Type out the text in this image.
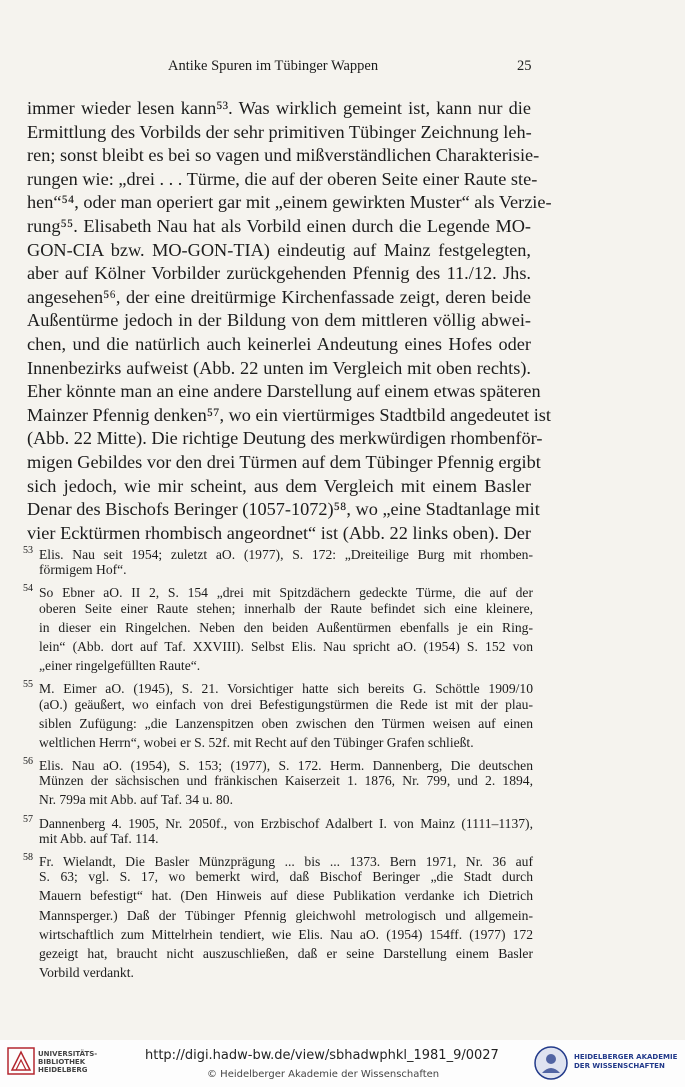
Antike Spuren im Tübinger Wappen	25
immer wieder lesen kann⁵³. Was wirklich gemeint ist, kann nur die
Ermittlung des Vorbilds der sehr primitiven Tübinger Zeichnung leh-
ren; sonst bleibt es bei so vagen und mißverständlichen Charakterisie-
rungen wie: „drei . . . Türme, die auf der oberen Seite einer Raute ste-
hen“⁵⁴, oder man operiert gar mit „einem gewirkten Muster“ als Verzie-
rung⁵⁵. Elisabeth Nau hat als Vorbild einen durch die Legende MO-
GON-CIA bzw. MO-GON-TIA) eindeutig auf Mainz festgelegten,
aber auf Kölner Vorbilder zurückgehenden Pfennig des 11./12. Jhs.
angesehen⁵⁶, der eine dreitürmige Kirchenfassade zeigt, deren beide
Außentürme jedoch in der Bildung von dem mittleren völlig abwei-
chen, und die natürlich auch keinerlei Andeutung eines Hofes oder
Innenbezirks aufweist (Abb. 22 unten im Vergleich mit oben rechts).
Eher könnte man an eine andere Darstellung auf einem etwas späteren
Mainzer Pfennig denken⁵⁷, wo ein viertürmiges Stadtbild angedeutet ist
(Abb. 22 Mitte). Die richtige Deutung des merkwürdigen rhombenför-
migen Gebildes vor den drei Türmen auf dem Tübinger Pfennig ergibt
sich jedoch, wie mir scheint, aus dem Vergleich mit einem Basler
Denar des Bischofs Beringer (1057-1072)⁵⁸, wo „eine Stadtanlage mit
vier Ecktürmen rhombisch angeordnet“ ist (Abb. 22 links oben). Der
$^{53}$ Elis. Nau seit 1954; zuletzt aO. (1977), S. 172: „Dreiteilige Burg mit rhomben-
förmigem Hof“.
$^{54}$ So Ebner aO. II 2, S. 154 „drei mit Spitzdächern gedeckte Türme, die auf der
oberen Seite einer Raute stehen; innerhalb der Raute befindet sich eine kleinere,
in dieser ein Ringelchen. Neben den beiden Außentürmen ebenfalls je ein Ring-
lein“ (Abb. dort auf Taf. XXVIII). Selbst Elis. Nau spricht aO. (1954) S. 152 von
„einer ringelgefüllten Raute“.
$^{55}$ M. Eimer aO. (1945), S. 21. Vorsichtiger hatte sich bereits G. Schöttle 1909/10
(aO.) geäußert, wo einfach von drei Befestigungstürmen die Rede ist mit der plau-
siblen Zufügung: „die Lanzenspitzen oben zwischen den Türmen weisen auf einen
weltlichen Herrn“, wobei er S. 52f. mit Recht auf den Tübinger Grafen schließt.
$^{56}$ Elis. Nau aO. (1954), S. 153; (1977), S. 172. Herm. Dannenberg, Die deutschen
Münzen der sächsischen und fränkischen Kaiserzeit 1. 1876, Nr. 799, und 2. 1894,
Nr. 799a mit Abb. auf Taf. 34 u. 80.
$^{57}$ Dannenberg 4. 1905, Nr. 2050f., von Erzbischof Adalbert I. von Mainz (1111–1137),
mit Abb. auf Taf. 114.
$^{58}$ Fr. Wielandt, Die Basler Münzprägung ... bis ... 1373. Bern 1971, Nr. 36 auf
S. 63; vgl. S. 17, wo bemerkt wird, daß Bischof Beringer „die Stadt durch
Mauern befestigt“ hat. (Den Hinweis auf diese Publikation verdanke ich Dietrich
Mannsperger.) Daß der Tübinger Pfennig gleichwohl metrologisch und allgemein-
wirtschaftlich zum Mittelrhein tendiert, wie Elis. Nau aO. (1954) 154ff. (1977) 172
gezeigt hat, braucht nicht auszuschließen, daß er seine Darstellung einem Basler
Vorbild verdankt.
UNIVERSITÄTS-
BIBLIOTHEK
HEIDELBERG
http://digi.hadw-bw.de/view/sbhadwphkl_1981_9/0027
© Heidelberger Akademie der Wissenschaften
HEIDELBERGER AKADEMIE
DER WISSENSCHAFTEN
